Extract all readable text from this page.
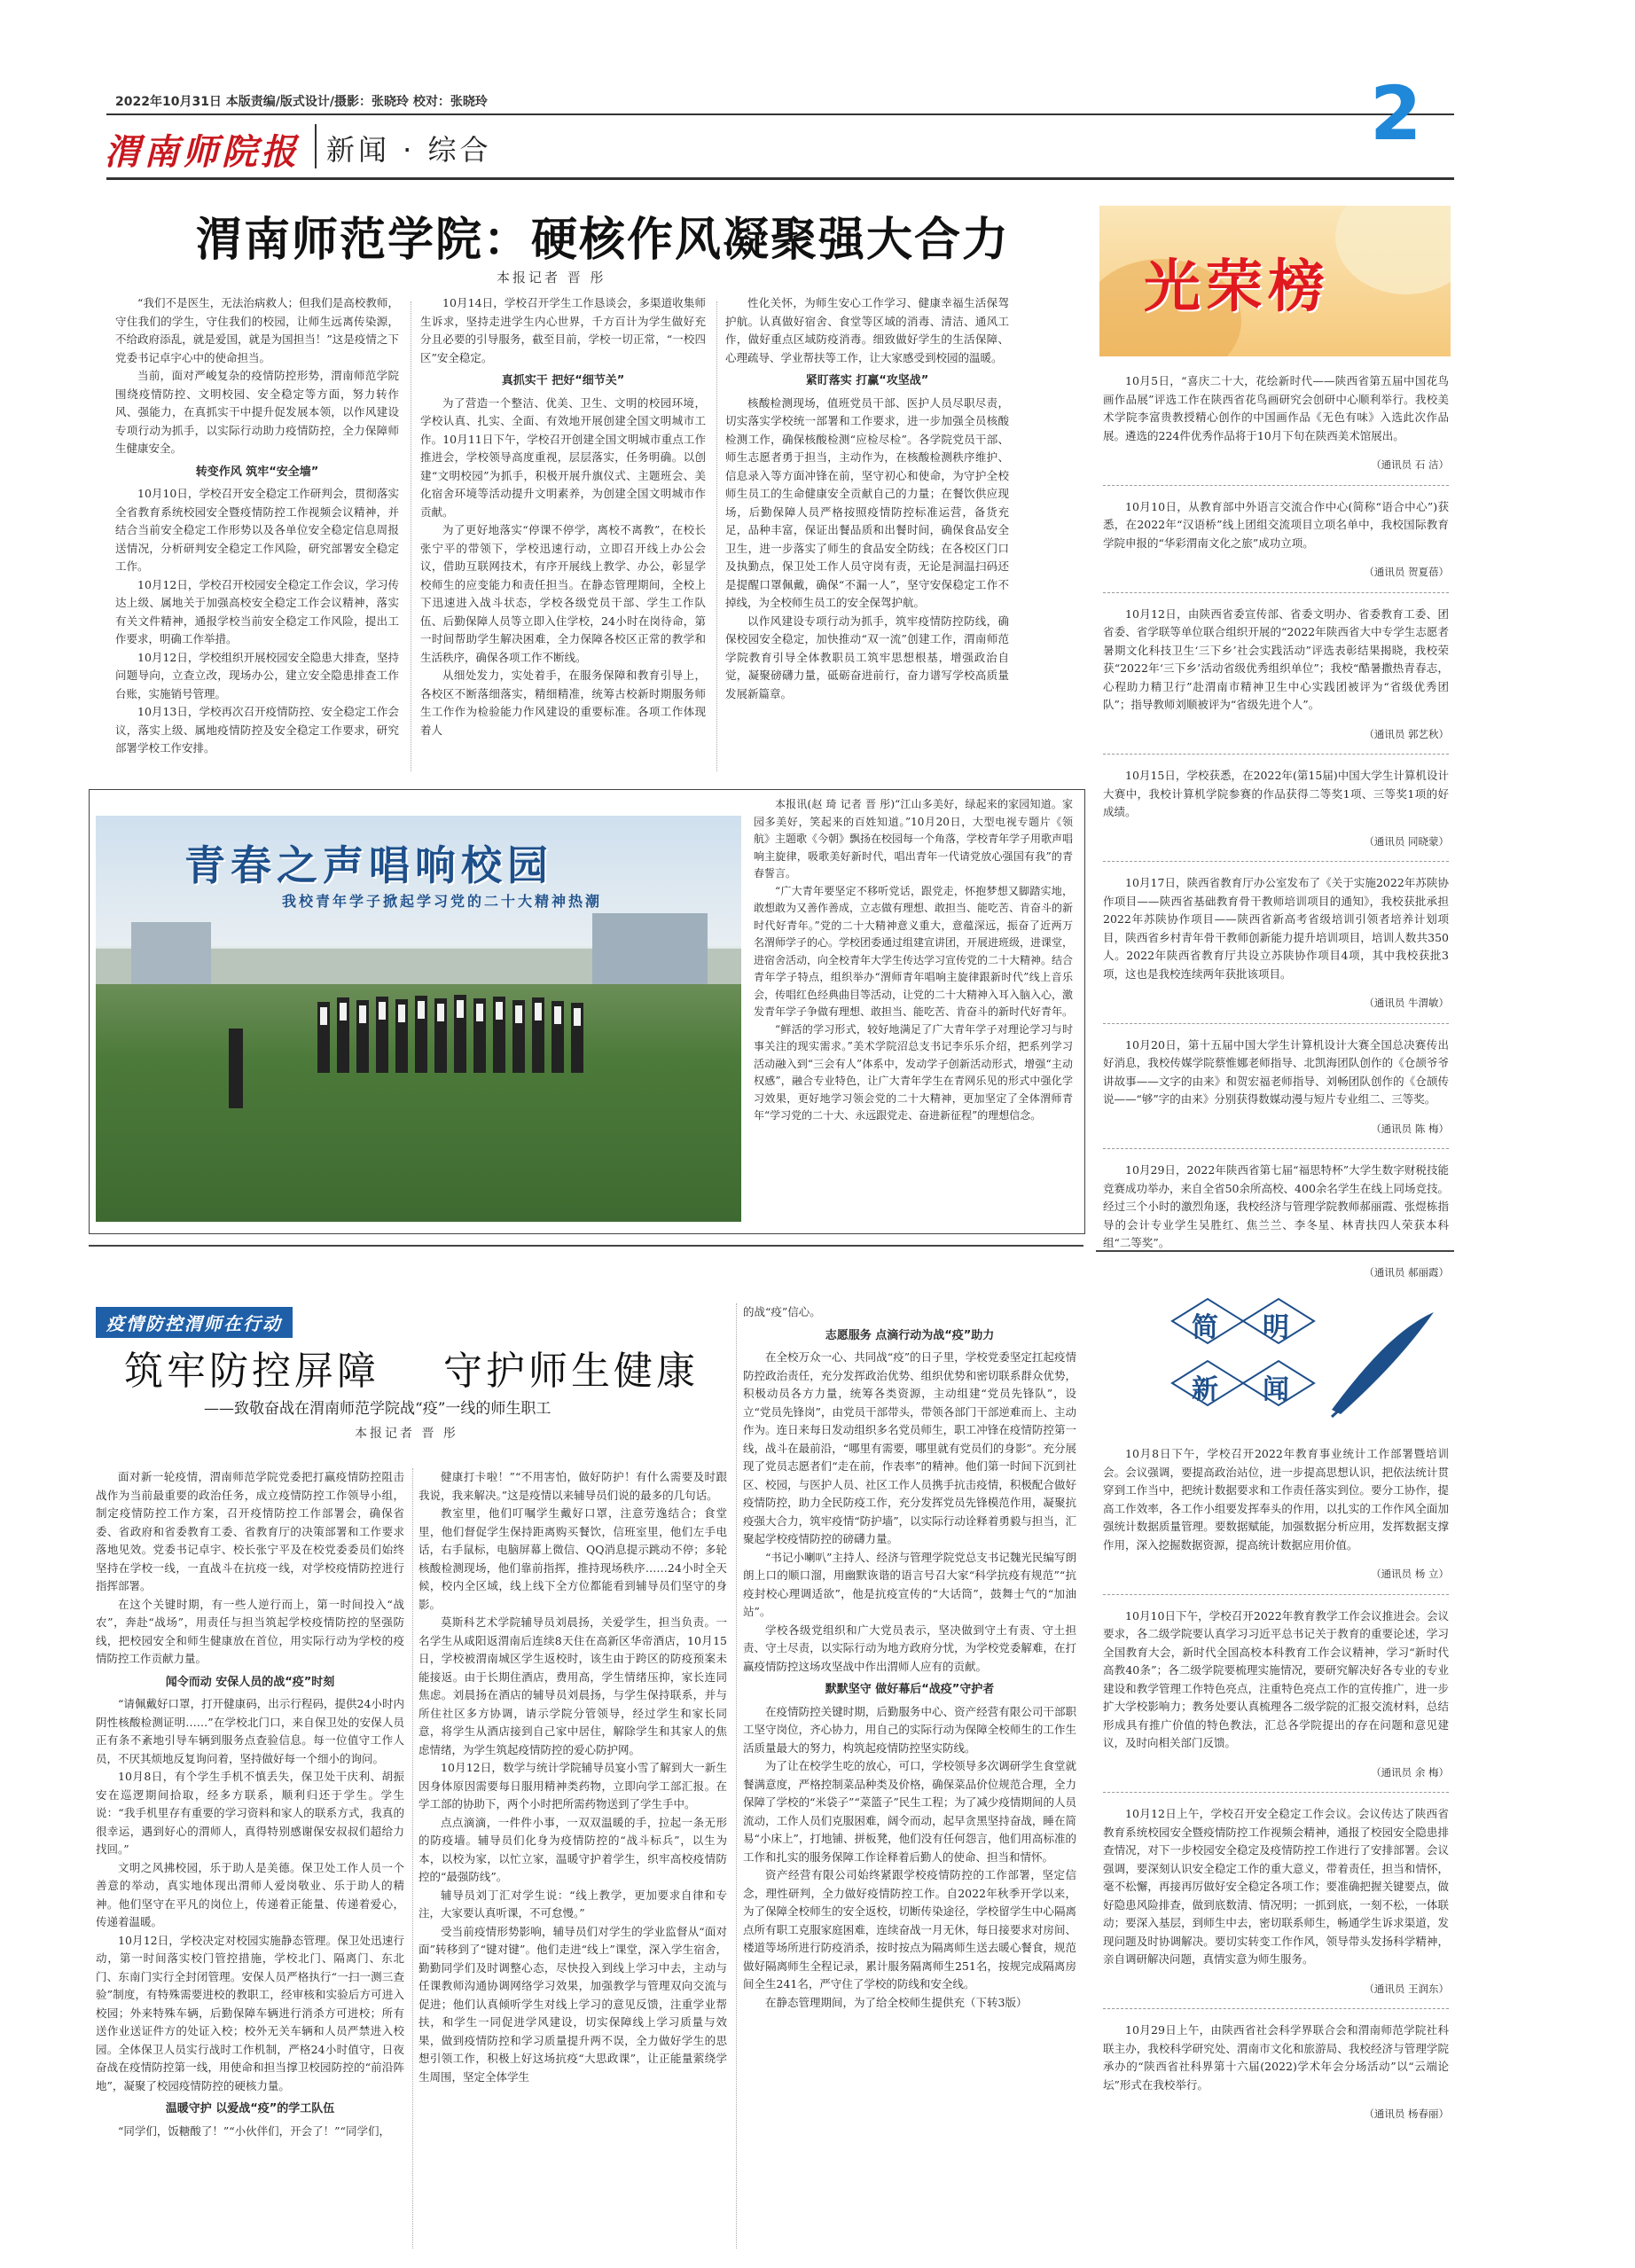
2022年10月31日 本版责编/版式设计/摄影：张晓玲 校对：张晓玲
渭南师院报 新闻 · 综合	2
渭南师范学院：硬核作风凝聚强大合力
本报记者 晋 彤

“我们不是医生，无法治病救人；但我们是高校教师，守住我们的学生，守住我们的校园，让师生远离传染源，不给政府添乱，就是爱国，就是为国担当！”这是疫情之下党委书记卓宇心中的使命担当。

当前，面对严峻复杂的疫情防控形势，渭南师范学院围绕疫情防控、文明校园、安全稳定等方面，努力转作风、强能力，在真抓实干中提升促发展本领，以作风建设专项行动为抓手，以实际行动助力疫情防控，全力保障师生健康安全。

转变作风 筑牢“安全墙”

10月10日，学校召开安全稳定工作研判会，贯彻落实全省教育系统校园安全暨疫情防控工作视频会议精神，并结合当前安全稳定工作形势以及各单位安全稳定信息周报送情况，分析研判安全稳定工作风险，研究部署安全稳定工作。

10月12日，学校召开校园安全稳定工作会议，学习传达上级、属地关于加强高校安全稳定工作会议精神，落实有关文件精神，通报学校当前安全稳定工作风险，提出工作要求，明确工作举措。

10月12日，学校组织开展校园安全隐患大排查，坚持问题导向，立查立改，现场办公，建立安全隐患排查工作台账，实施销号管理。

10月13日，学校再次召开疫情防控、安全稳定工作会议，落实上级、属地疫情防控及安全稳定工作要求，研究部署学校工作安排。

10月14日，学校召开学生工作恳谈会，多渠道收集师生诉求，坚持走进学生内心世界，千方百计为学生做好充分且必要的引导服务，截至目前，学校一切正常，“一校四区”安全稳定。

真抓实干 把好“细节关”

为了营造一个整洁、优美、卫生、文明的校园环境，学校认真、扎实、全面、有效地开展创建全国文明城市工作。10月11日下午，学校召开创建全国文明城市重点工作推进会，学校领导高度重视，层层落实，任务明确。以创建“文明校园”为抓手，积极开展升旗仪式、主题班会、美化宿舍环境等活动提升文明素养，为创建全国文明城市作贡献。

为了更好地落实“停课不停学，离校不离教”，在校长张宁平的带领下，学校迅速行动，立即召开线上办公会议，借助互联网技术，有序开展线上教学、办公，彰显学校师生的应变能力和责任担当。在静态管理期间，全校上下迅速进入战斗状态，学校各级党员干部、学生工作队伍、后勤保障人员等立即入住学校，24小时在岗待命，第一时间帮助学生解决困难，全力保障各校区正常的教学和生活秩序，确保各项工作不断线。

从细处发力，实处着手，在服务保障和教育引导上，各校区不断落细落实，精细精准，统筹古校新时期服务师生工作作为检验能力作风建设的重要标准。各项工作体现着人

性化关怀，为师生安心工作学习、健康幸福生活保驾护航。认真做好宿舍、食堂等区域的消毒、清洁、通风工作，做好重点区域防疫消毒。细致做好学生的生活保障、心理疏导、学业帮扶等工作，让大家感受到校园的温暖。

紧盯落实 打赢“攻坚战”

核酸检测现场，值班党员干部、医护人员尽职尽责，切实落实学校统一部署和工作要求，进一步加强全员核酸检测工作，确保核酸检测“应检尽检”。各学院党员干部、师生志愿者勇于担当，主动作为，在核酸检测秩序维护、信息录入等方面冲锋在前，坚守初心和使命，为守护全校师生员工的生命健康安全贡献自己的力量；在餐饮供应现场，后勤保障人员严格按照疫情防控标准运营，备货充足，品种丰富，保证出餐品质和出餐时间，确保食品安全卫生，进一步落实了师生的食品安全防线；在各校区门口及执勤点，保卫处工作人员守岗有责，无论是洞温扫码还是提醒口罩佩戴，确保“不漏一人”，坚守安保稳定工作不掉线，为全校师生员工的安全保驾护航。

以作风建设专项行动为抓手，筑牢疫情防控防线，确保校园安全稳定，加快推动“双一流”创建工作，渭南师范学院教育引导全体教职员工筑牢思想根基，增强政治自觉，凝聚磅礴力量，砥砺奋进前行，奋力谱写学校高质量发展新篇章。

光荣榜

10月5日，“喜庆二十大，花绘新时代——陕西省第五届中国花鸟画作品展”评选工作在陕西省花鸟画研究会创研中心顺利举行。我校美术学院李富贵教授精心创作的中国画作品《无色有味》入选此次作品展。遴选的224件优秀作品将于10月下旬在陕西美术馆展出。

（通讯员 石 洁）

10月10日，从教育部中外语言交流合作中心(简称“语合中心”)获悉，在2022年“汉语桥”线上团组交流项目立项名单中，我校国际教育学院申报的“华彩渭南文化之旅”成功立项。

（通讯员 贺夏蓓）

10月12日，由陕西省委宣传部、省委文明办、省委教育工委、团省委、省学联等单位联合组织开展的“2022年陕西省大中专学生志愿者暑期文化科技卫生‘三下乡’社会实践活动”评选表彰结果揭晓，我校荣获“2022年‘三下乡’活动省级优秀组织单位”；我校“酷暑撒热青春志，心程助力精卫行”赴渭南市精神卫生中心实践团被评为“省级优秀团队”；指导教师刘顺被评为“省级先进个人”。

（通讯员 郭艺秋）

10月15日，学校获悉，在2022年(第15届)中国大学生计算机设计大赛中，我校计算机学院参赛的作品获得二等奖1项、三等奖1项的好成绩。

（通讯员 同晓蒙）

10月17日，陕西省教育厅办公室发布了《关于实施2022年苏陕协作项目——陕西省基础教育骨干教师培训项目的通知》，我校获批承担2022年苏陕协作项目——陕西省新高考省级培训引领者培养计划项目，陕西省乡村青年骨干教师创新能力提升培训项目，培训人数共350人。2022年陕西省教育厅共设立苏陕协作项目4项，其中我校获批3项，这也是我校连续两年获批该项目。

（通讯员 牛渭敏）

10月20日，第十五届中国大学生计算机设计大赛全国总决赛传出好消息，我校传媒学院蔡惟娜老师指导、北凯海团队创作的《仓颉爷爷讲故事——文字的由来》和贺宏福老师指导、刘畅团队创作的《仓颉传说——“够”字的由来》分别获得数媒动漫与短片专业组二、三等奖。

（通讯员 陈 梅）

10月29日，2022年陕西省第七届“福思特杯”大学生数字财税技能竞赛成功举办，来自全省50余所高校、400余名学生在线上同场竞技。经过三个小时的激烈角逐，我校经济与管理学院教师郝丽霞、张煜栋指导的会计专业学生吴胜红、焦兰兰、李冬星、林青扶四人荣获本科组“二等奖”。

（通讯员 郝丽霞）

青春之声唱响校园
我校青年学子掀起学习党的二十大精神热潮

本报讯(赵 琦 记者 晋 彤)“江山多美好，绿起来的家园知道。家园多美好，笑起来的百姓知道。”10月20日，大型电视专题片《领航》主题歌《今朝》飘扬在校园每一个角落，学校青年学子用歌声唱响主旋律，吸歌美好新时代，唱出青年一代请党放心强国有我”的青春誓言。

“广大青年要坚定不移听党话，跟党走，怀抱梦想又脚踏实地，敢想敢为又善作善成，立志做有理想、敢担当、能吃苦、肯奋斗的新时代好青年。”党的二十大精神意义重大，意蕴深远，振奋了近两万名渭师学子的心。学校团委通过组建宣讲团，开展进班级，进课堂，进宿舍活动，向全校青年大学生传达学习宣传党的二十大精神。结合青年学子特点，组织举办“渭师青年唱响主旋律跟新时代”线上音乐会，传唱红色经典曲目等活动，让党的二十大精神入耳入脑入心，激发青年学子争做有理想、敢担当、能吃苦、肯奋斗的新时代好青年。

“鲜活的学习形式，较好地满足了广大青年学子对理论学习与时事关注的现实需求。”美术学院沼总支书记李乐乐介绍，把系列学习活动融入到“三会有人”体系中，发动学子创新活动形式，增强“主动权感”，融合专业特色，让广大青年学生在青网乐见的形式中强化学习效果，更好地学习领会党的二十大精神，更加坚定了全体渭师青年“学习党的二十大、永远跟党走、奋进新征程”的理想信念。

疫情防控渭师在行动
筑牢防控屏障    守护师生健康
——致敬奋战在渭南师范学院战“疫”一线的师生职工
本报记者 晋 彤

面对新一轮疫情，渭南师范学院党委把打赢疫情防控阻击战作为当前最重要的政治任务，成立疫情防控工作领导小组，制定疫情防控工作方案，召开疫情防控工作部署会，确保省委、省政府和省委教育工委、省教育厅的决策部署和工作要求落地见效。党委书记卓宇、校长张宁平及在校党委委员们始终坚持在学校一线，一直战斗在抗疫一线，对学校疫情防控进行指挥部署。

在这个关键时期，有一些人逆行而上，第一时间投入“战农”，奔赴“战场”，用责任与担当筑起学校疫情防控的坚强防线，把校园安全和师生健康放在首位，用实际行动为学校的疫情防控工作贡献力量。

闻令而动 安保人员的战“疫”时刻

“请佩戴好口罩，打开健康码，出示行程码，提供24小时内阴性核酸检测证明……”在学校北门口，来自保卫处的安保人员正有条不紊地引导车辆到服务点查验信息。每一位值守工作人员，不厌其烦地反复询问着，坚持做好每一个细小的询问。

10月8日，有个学生手机不慎丢失，保卫处干庆利、胡振安在巡逻期间拾取，经多方联系，顺利归还于学生。学生说：“我手机里存有重要的学习资料和家人的联系方式，我真的很幸运，遇到好心的渭师人，真得特别感谢保安叔叔们超给力找回。”

文明之风拂校园，乐于助人是美德。保卫处工作人员一个善意的举动，真实地体现出渭师人爱岗敬业、乐于助人的精神。他们坚守在平凡的岗位上，传递着正能量、传递着爱心，传递着温暖。

10月12日，学校决定对校园实施静态管理。保卫处迅速行动，第一时间落实校门管控措施，学校北门、隔离门、东北门、东南门实行全封闭管理。安保人员严格执行“一扫一测三查验”制度，有特殊需要进校的教职工，经审核和实验后方可进入校园；外来特殊车辆，后勤保障车辆进行消杀方可进校；所有送作业送证件方的处证入校；校外无关车辆和人员严禁进入校园。全体保卫人员实行战时工作机制，严格24小时值守，日夜奋战在疫情防控第一线，用使命和担当撑卫校园防控的“前沿阵地”，凝聚了校园疫情防控的硬核力量。

温暖守护 以爱战“疫”的学工队伍

“同学们，饭糖酸了！”“小伙伴们，开会了！”“同学们，

健康打卡啦！”“不用害怕，做好防护！有什么需要及时跟我说，我来解决。”这是疫情以来辅导员们说的最多的几句话。

教室里，他们叮嘱学生戴好口罩，注意劳逸结合；食堂里，他们督促学生保持距离购买餐饮，信班室里，他们左手电话，右手鼠标，电脑屏幕上微信、QQ消息提示跳动不停；多轮核酸检测现场，他们靠前指挥，推持现场秩序……24小时全天候，校内全区域，线上线下全方位都能看到辅导员们坚守的身影。

莫斯科艺术学院辅导员刘晨扬，关爱学生，担当负责。一名学生从咸阳返渭南后连续8天住在高新区华帝酒店，10月15日，学校被渭南城区学生返校时，该生由于跨区的防疫预案未能接返。由于长期住酒店，费用高，学生情绪压抑，家长连同焦虑。刘晨扬在酒店的辅导员刘晨扬，与学生保持联系，并与所住社区多方协调，请示学院分管领导，经过学生和家长同意，将学生从酒店接到自己家中居住，解除学生和其家人的焦虑情绪，为学生筑起疫情防控的爱心防护网。

10月12日，数学与统计学院辅导员宴小雪了解到大一新生因身体原因需要每日服用精神类药物，立即向学工部汇报。在学工部的协助下，两个小时把所需药物送到了学生手中。

点点滴滴，一件件小事，一双双温暖的手，拉起一条无形的防疫墙。辅导员们化身为疫情防控的“战斗标兵”，以生为本，以校为家，以忙立家，温暖守护着学生，织牢高校疫情防控的“最强防线”。

辅导员刘丁汇对学生说：“线上教学，更加要求自律和专注，大家要认真听课，不可怠慢。”

受当前疫情形势影响，辅导员们对学生的学业监督从“面对面”转移到了“键对键”。他们走进“线上”课堂，深入学生宿舍，勤勤同学们及时调整心态，尽快投入到线上学习中去，主动与任课教师沟通协调网络学习效果，加强教学与管理双向交流与促进；他们认真倾听学生对线上学习的意见反馈，注重学业帮扶，和学生一同促进学风建设，切实保障线上学习质量与效果，做到疫情防控和学习质量提升两不误，全力做好学生的思想引领工作，积极上好这场抗疫“大思政课”，让正能量萦绕学生周围，坚定全体学生

的战“疫”信心。

志愿服务 点滴行动为战“疫”助力

在全校万众一心、共同战“疫”的日子里，学校党委坚定扛起疫情防控政治责任，充分发挥政治优势、组织优势和密切联系群众优势，积极动员各方力量，统筹各类资源，主动组建“党员先锋队”，设立“党员先锋岗”，由党员干部带头，带领各部门干部逆难而上、主动作为。连日来每日发动组织多名党员师生，职工冲锋在疫情防控第一线，战斗在最前沿，“哪里有需要，哪里就有党员们的身影”。充分展现了党员志愿者们“走在前，作表率”的精神。他们第一时间下沉到社区、校园，与医护人员、社区工作人员携手抗击疫情，积极配合做好疫情防控，助力全民防疫工作，充分发挥党员先锋模范作用，凝聚抗疫强大合力，筑牢疫情“防护墙”，以实际行动诠释着勇毅与担当，汇聚起学校疫情防控的磅礴力量。

“书记小喇叭”主持人、经济与管理学院党总支书记魏光民编写朗朗上口的顺口溜，用幽默诙谐的语言号召大家“科学抗疫有规范”“抗疫封校心理调适欲”，他是抗疫宣传的“大话筒”，鼓舞士气的“加油站”。

学校各级党组织和广大党员表示，坚决做到守土有责、守土担责、守土尽责，以实际行动为地方政府分忧，为学校党委解难，在打赢疫情防控这场攻坚战中作出渭师人应有的贡献。

默默坚守 做好幕后“战疫”守护者

在疫情防控关键时期，后勤服务中心、资产经营有限公司干部职工坚守岗位，齐心协力，用自己的实际行动为保障全校师生的工作生活质量最大的努力，构筑起疫情防控坚实防线。

为了让在校学生吃的放心，可口，学校领导多次调研学生食堂就餐满意度，严格控制菜品种类及价格，确保菜品价位规范合理，全力保障了学校的“米袋子”“菜篮子”民生工程；为了减少疫情期间的人员流动，工作人员们克服困难，阔令而动，起早贪黑坚持奋战，睡在简易“小床上”，打地铺、拼板凳，他们没有任何怨言，他们用高标准的工作和扎实的服务保障工作诠释着后勤人的使命、担当和情怀。

资产经营有限公司始终紧跟学校疫情防控的工作部署，坚定信念，理性研判，全力做好疫情防控工作。自2022年秋季开学以来，为了保障全校师生的安全返校，切断传染途径，学校留学生中心隔离点所有职工克服家庭困难，连续奋战一月无休，每日接要求对房间、楼道等场所进行防疫消杀，按时按点为隔离师生送去暖心餐食，规范做好隔离师生全程记录，累计服务隔离师生251名，按规完成隔离房间全生241名，严守住了学校的防线和安全线。

在静态管理期间，为了给全校师生提供充（下转3版）

简 明
新 闻

10月8日下午，学校召开2022年教育事业统计工作部署暨培训会。会议强调，要提高政治站位，进一步提高思想认识，把依法统计贯穿到工作当中，把统计数据要求和工作责任落实到位。要分工协作，提高工作效率，各工作小组要发挥奉头的作用，以扎实的工作作风全面加强统计数据质量管理。要数据赋能，加强数据分析应用，发挥数据支撑作用，深入挖掘数据资源，提高统计数据应用价值。

（通讯员 杨 立）

10月10日下午，学校召开2022年教育教学工作会议推进会。会议要求，各二级学院要认真学习习近平总书记关于教育的重要论述，学习全国教育大会，新时代全国高校本科教育工作会议精神，学习“新时代高教40条”；各二级学院要梳理实施情况，要研究解决好各专业的专业建设和教学管理工作特色亮点，注重特色亮点工作的宣传推广，进一步扩大学校影响力；教务处要认真梳理各二级学院的汇报交流材料，总结形成具有推广价值的特色教法，汇总各学院提出的存在问题和意见建议，及时向相关部门反馈。

（通讯员 余 梅）

10月12日上午，学校召开安全稳定工作会议。会议传达了陕西省教育系统校园安全暨疫情防控工作视频会精神，通报了校园安全隐患排查情况，对下一步校园安全稳定及疫情防控工作进行了安排部署。会议强调，要深刻认识安全稳定工作的重大意义，带着责任，担当和情怀，毫不松懈，再接再厉做好安全稳定各项工作；要准确把握关键要点，做好隐患风险排查，做到底数清、情况明；一抓到底，一刻不松，一体联动；要深入基层，到师生中去，密切联系师生，畅通学生诉求渠道，发现问题及时协调解决。要切实转变工作作风，领导带头发扬科学精神，亲自调研解决问题，真情实意为师生服务。

（通讯员 王润东）

10月29日上午，由陕西省社会科学界联合会和渭南师范学院社科联主办，我校科学研究处、渭南市文化和旅游局、我校经济与管理学院承办的“陕西省社科界第十六届(2022)学术年会分场活动”以“云端论坛”形式在我校举行。

（通讯员 杨春丽）
